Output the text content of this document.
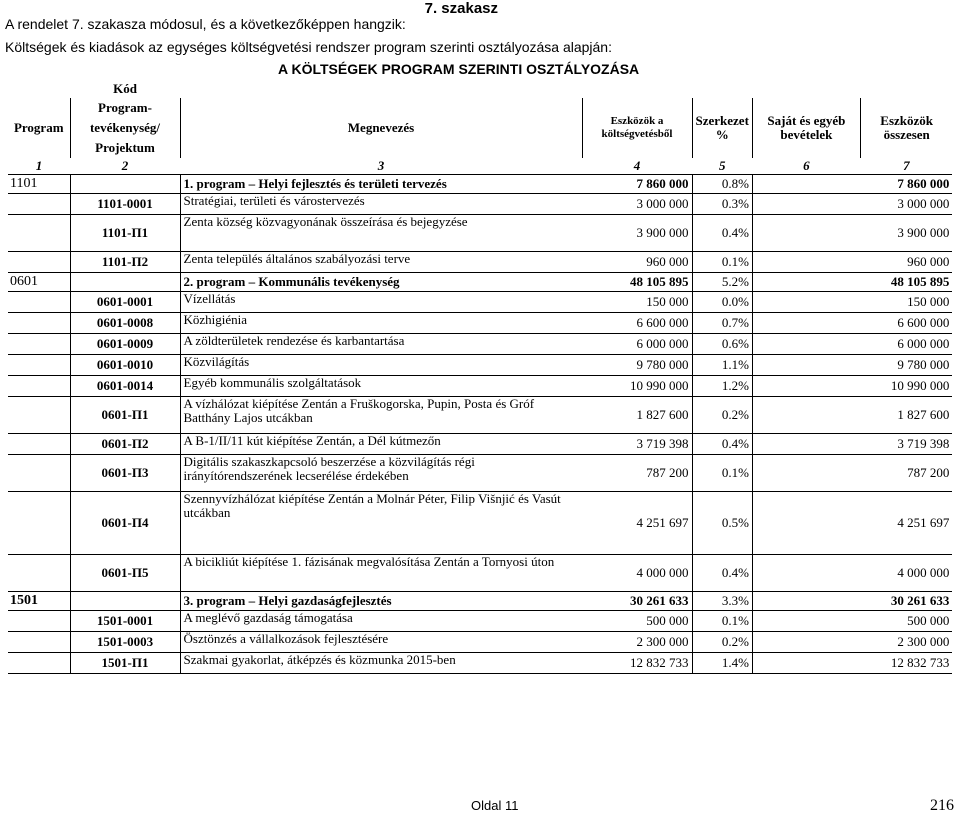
7. szakasz
A rendelet 7. szakasza módosul, és a következőképpen hangzik:
Költségek és kiadások az egységes költségvetési rendszer program szerinti osztályozása alapján:
A KÖLTSÉGEK PROGRAM SZERINTI OSZTÁLYOZÁSA
	Kód					
Program	Program-tevékenység/ Projektum	Megnevezés	Eszközök a költségvetésből	Szerkezet %	Saját és egyéb bevételek	Eszközök összesen
1	2	3	4	5	6	7
1101		1. program – Helyi fejlesztés és területi tervezés	7 860 000	0.8%		7 860 000
	1101-0001	Stratégiai, területi és várostervezés	3 000 000	0.3%		3 000 000
	1101-П1	Zenta község közvagyonának összeírása és bejegyzése	3 900 000	0.4%		3 900 000
	1101-П2	Zenta település általános szabályozási terve	960 000	0.1%		960 000
0601		2. program – Kommunális tevékenység	48 105 895	5.2%		48 105 895
	0601-0001	Vízellátás	150 000	0.0%		150 000
	0601-0008	Közhigiénia	6 600 000	0.7%		6 600 000
	0601-0009	A zöldterületek rendezése és karbantartása	6 000 000	0.6%		6 000 000
	0601-0010	Közvilágítás	9 780 000	1.1%		9 780 000
	0601-0014	Egyéb kommunális szolgáltatások	10 990 000	1.2%		10 990 000
	0601-П1	A vízhálózat kiépítése Zentán a Fruškogorska, Pupin, Posta és Gróf Batthány Lajos utcákban	1 827 600	0.2%		1 827 600
	0601-П2	A B-1/II/11 kút kiépítése Zentán, a Dél kútmezőn	3 719 398	0.4%		3 719 398
	0601-П3	Digitális szakaszkapcsoló beszerzése a közvilágítás régi irányítórendszerének lecserélése érdekében	787 200	0.1%		787 200
	0601-П4	Szennyvízhálózat kiépítése Zentán a Molnár Péter, Filip Višnjić és Vasút utcákban	4 251 697	0.5%		4 251 697
	0601-П5	A bicikliút kiépítése 1. fázisának megvalósítása Zentán a Tornyosi úton	4 000 000	0.4%		4 000 000
1501		3. program – Helyi gazdaságfejlesztés	30 261 633	3.3%		30 261 633
	1501-0001	A meglévő gazdaság támogatása	500 000	0.1%		500 000
	1501-0003	Ösztönzés a vállalkozások fejlesztésére	2 300 000	0.2%		2 300 000
	1501-П1	Szakmai gyakorlat, átképzés és közmunka 2015-ben	12 832 733	1.4%		12 832 733
Oldal 11	216
